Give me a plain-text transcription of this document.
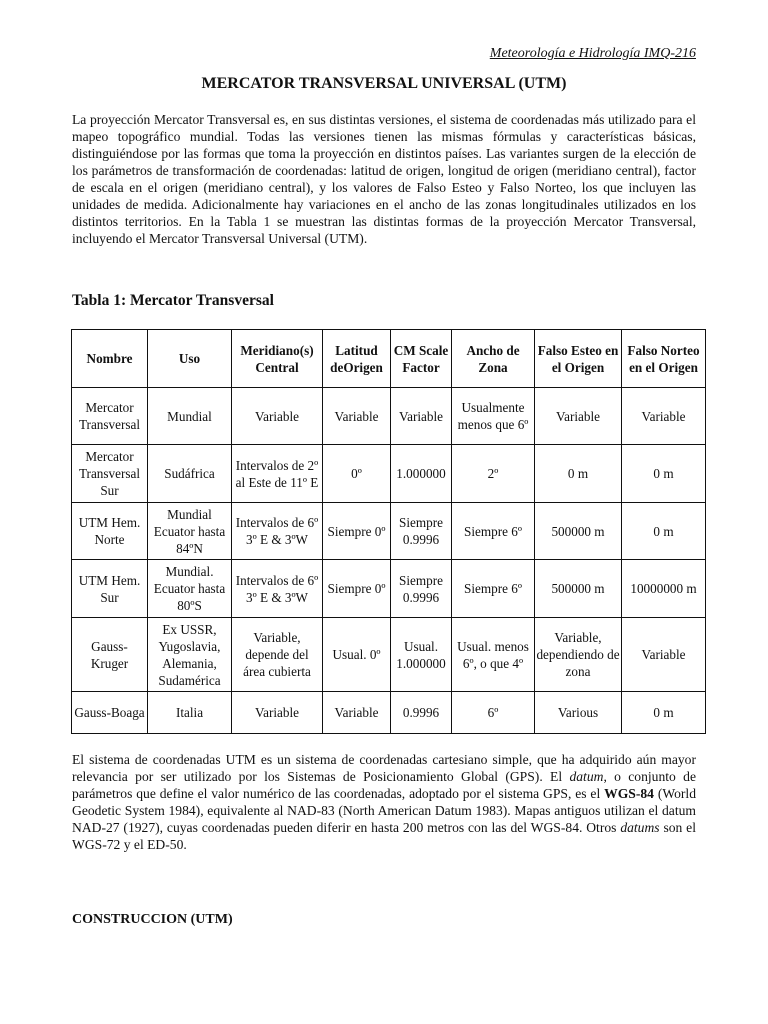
Meteorología e Hidrología IMQ-216
MERCATOR TRANSVERSAL UNIVERSAL (UTM)

La proyección Mercator Transversal es, en sus distintas versiones, el sistema de coordenadas más utilizado para el mapeo topográfico mundial. Todas las versiones tienen las mismas fórmulas y características básicas, distinguiéndose por las formas que toma la proyección en distintos países. Las variantes surgen de la elección de los parámetros de transformación de coordenadas: latitud de origen, longitud de origen (meridiano central), factor de escala en el origen (meridiano central), y los valores de Falso Esteo y Falso Norteo, los que incluyen las unidades de medida. Adicionalmente hay variaciones en el ancho de las zonas longitudinales utilizados en los distintos territorios. En la Tabla 1 se muestran las distintas formas de la proyección Mercator Transversal, incluyendo el Mercator Transversal Universal (UTM).

Tabla 1: Mercator Transversal
Nombre	Uso	Meridiano(s) Central	Latitud deOrigen	CM Scale Factor	Ancho de Zona	Falso Esteo en el Origen	Falso Norteo en el Origen
Mercator Transversal	Mundial	Variable	Variable	Variable	Usualmente menos que 6º	Variable	Variable
Mercator Transversal Sur	Sudáfrica	Intervalos de 2º al Este de 11º E	0º	1.000000	2º	0 m	0 m
UTM Hem. Norte	Mundial Ecuator hasta 84ºN	Intervalos de 6º 3º E & 3ºW	Siempre 0º	Siempre 0.9996	Siempre 6º	500000 m	0 m
UTM Hem. Sur	Mundial. Ecuator hasta 80ºS	Intervalos de 6º 3º E & 3ºW	Siempre 0º	Siempre 0.9996	Siempre 6º	500000 m	10000000 m
Gauss-Kruger	Ex USSR, Yugoslavia, Alemania, Sudamérica	Variable, depende del área cubierta	Usual. 0º	Usual. 1.000000	Usual. menos 6º, o que 4º	Variable, dependiendo de zona	Variable
Gauss-Boaga	Italia	Variable	Variable	0.9996	6º	Various	0 m

El sistema de coordenadas UTM es un sistema de coordenadas cartesiano simple, que ha adquirido aún mayor relevancia por ser utilizado por los Sistemas de Posicionamiento Global (GPS). El datum, o conjunto de parámetros que define el valor numérico de las coordenadas, adoptado por el sistema GPS, es el WGS-84 (World Geodetic System 1984), equivalente al NAD-83 (North American Datum 1983). Mapas antiguos utilizan el datum NAD-27 (1927), cuyas coordenadas pueden diferir en hasta 200 metros con las del WGS-84. Otros datums son el WGS-72 y el ED-50.

CONSTRUCCION (UTM)
